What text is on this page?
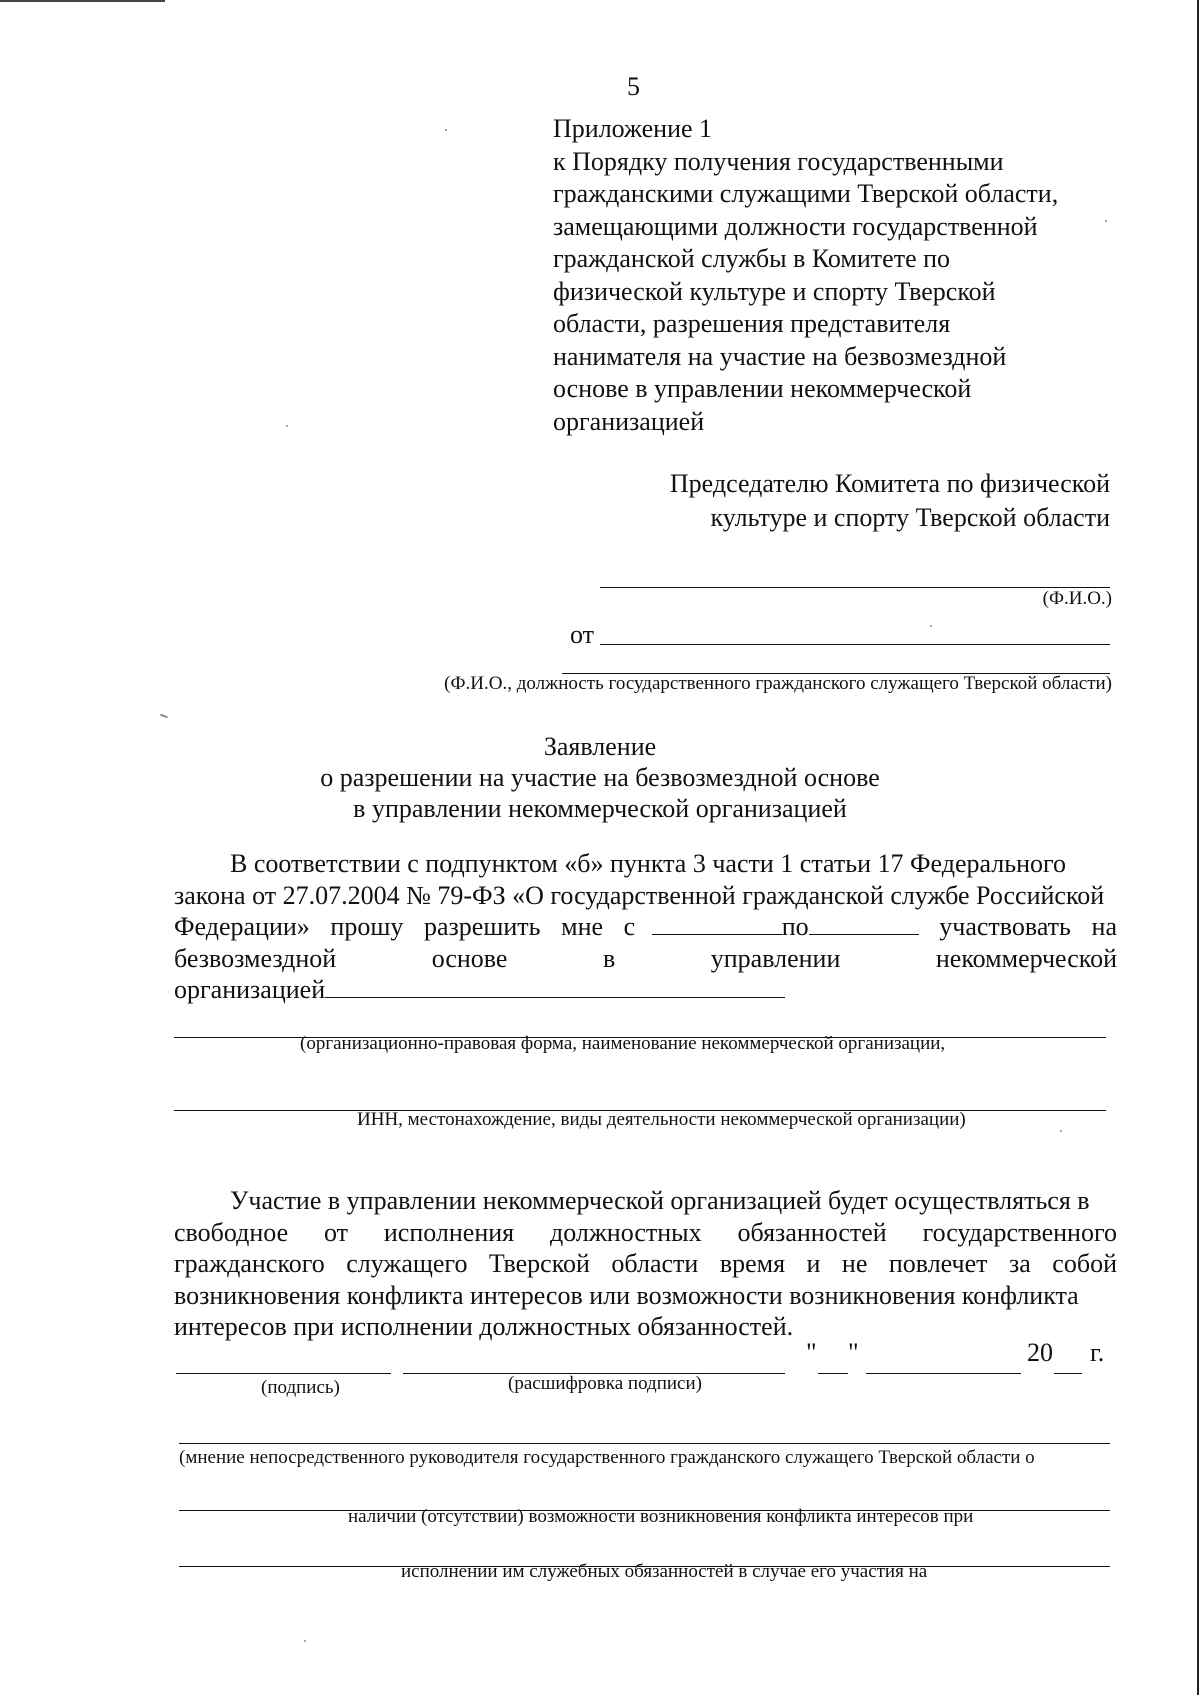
5
Приложение 1
к Порядку получения государственными
гражданскими служащими Тверской области,
замещающими должности государственной
гражданской службы в Комитете по
физической культуре и спорту Тверской
области, разрешения представителя
нанимателя на участие на безвозмездной
основе в управлении некоммерческой
организацией
Председателю Комитета по физической
культуре и спорту Тверской области
(Ф.И.О.)
от
(Ф.И.О., должность государственного гражданского служащего Тверской области)
Заявление
о разрешении на участие на безвозмездной основе
в управлении некоммерческой организацией
В соответствии с подпунктом «б» пункта 3 части 1 статьи 17 Федерального
закона от 27.07.2004 № 79-ФЗ «О государственной гражданской службе Российской
Федерации» прошу разрешить мне с	по	участвовать на
безвозмездной	основе	в	управлении	некоммерческой
организацией
(организационно-правовая форма, наименование некоммерческой организации,
ИНН, местонахождение, виды деятельности некоммерческой организации)
Участие в управлении некоммерческой организацией будет осуществляться в
свободное от исполнения должностных обязанностей государственного
гражданского служащего Тверской области время и не повлечет за собой
возникновения конфликта интересов или возможности возникновения конфликта
интересов при исполнении должностных обязанностей.
" "	20 г.
(подпись)	(расшифровка подписи)
(мнение непосредственного руководителя государственного гражданского служащего Тверской области о
наличии (отсутствии) возможности возникновения конфликта интересов при
исполнении им служебных обязанностей в случае его участия на
